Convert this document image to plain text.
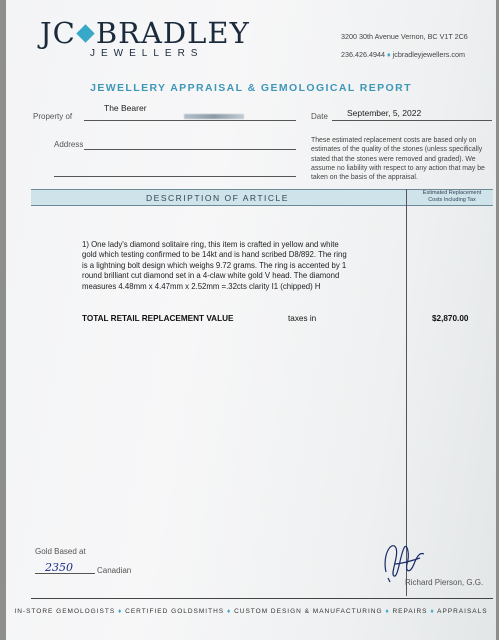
JC BRADLEY
JEWELLERS
3200 30th Avenue Vernon, BC V1T 2C6
236.426.4944 ♦ jcbradleyjewellers.com
JEWELLERY APPRAISAL & GEMOLOGICAL REPORT
Property of
The Bearer
Date September, 5, 2022
Address	These estimated replacement costs are based only on estimates of the quality of the stones (unless specifically stated that the stones were removed and graded). We assume no liability with respect to any action that may be taken on the basis of the appraisal.
DESCRIPTION OF ARTICLE	Estimated Replacement
Costs Including Tax
1) One lady's diamond solitaire ring, this item is crafted in yellow and white gold which testing confirmed to be 14kt and is hand scribed D8/892. The ring is a lightning bolt design which weighs 9.72 grams. The ring is accented by 1 round brilliant cut diamond set in a 4-claw white gold V head. The diamond measures 4.48mm x 4.47mm x 2.52mm =.32cts clarity I1 (chipped) H
TOTAL RETAIL REPLACEMENT VALUE	taxes in	$2,870.00
Gold Based at
2350	Canadian
Richard Pierson, G.G.
IN-STORE GEMOLOGISTS ♦ CERTIFIED GOLDSMITHS ♦ CUSTOM DESIGN & MANUFACTURING ♦ REPAIRS ♦ APPRAISALS
